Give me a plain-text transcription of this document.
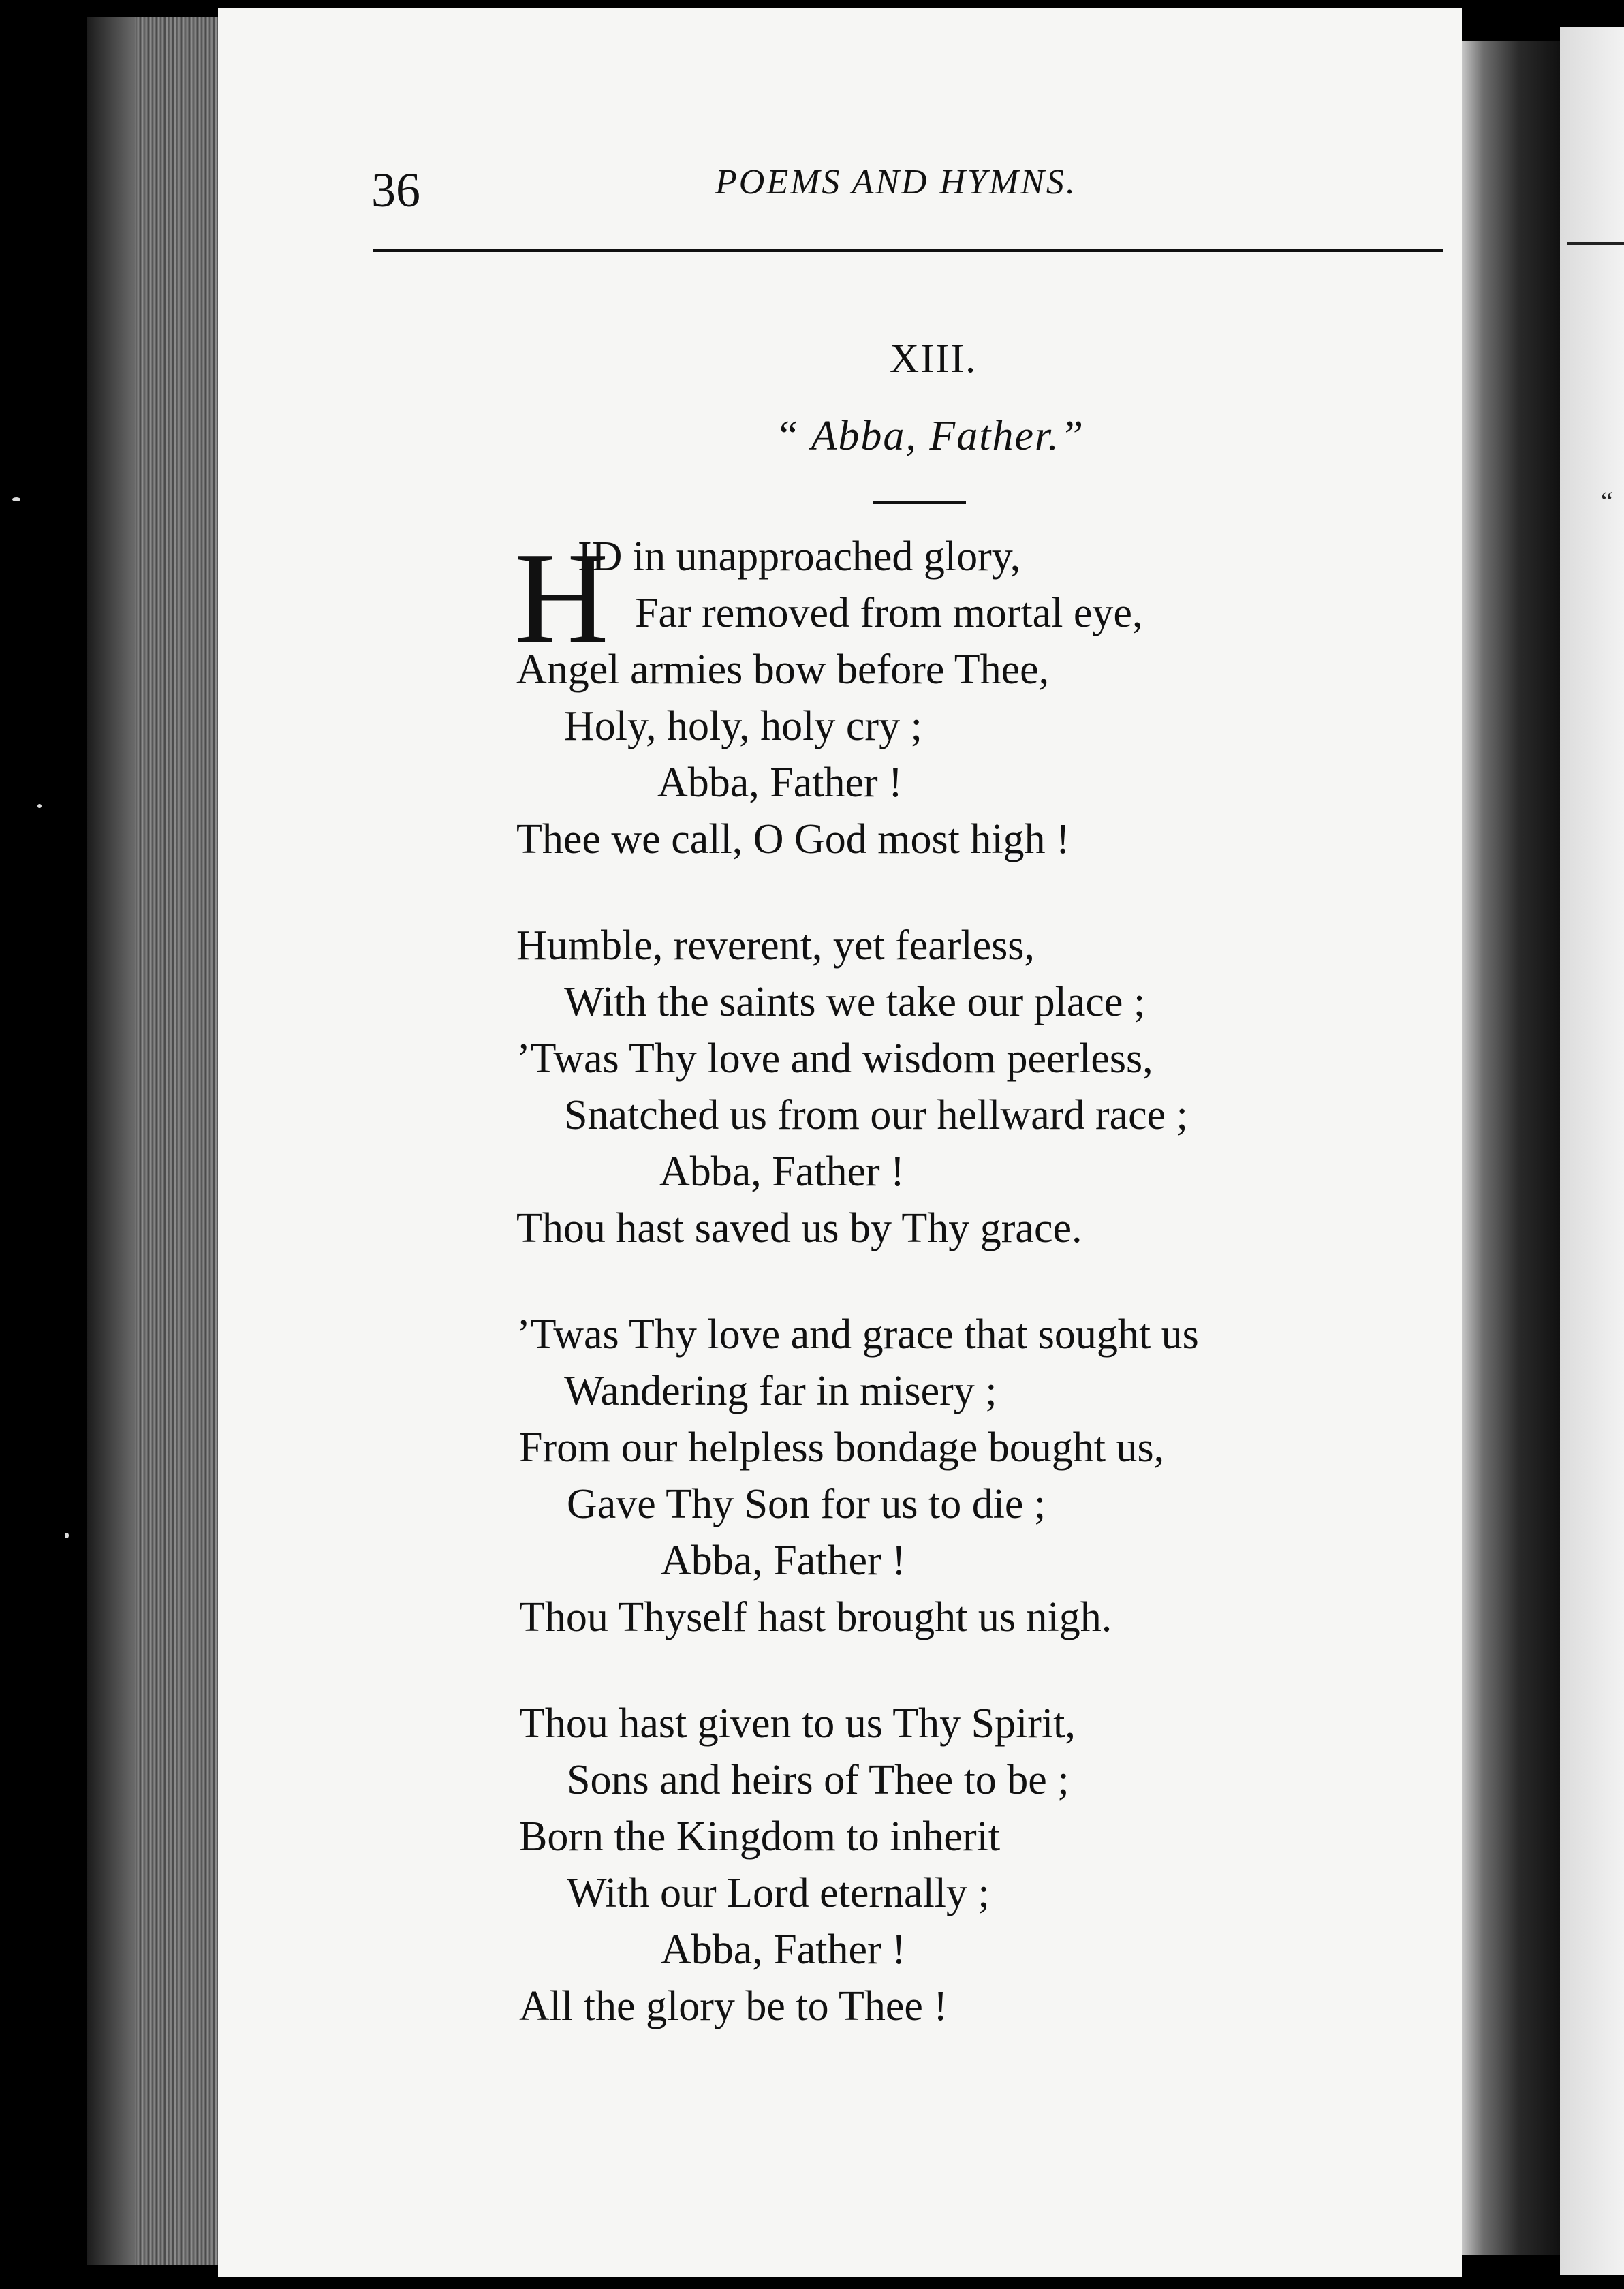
“
36	POEMS AND HYMNS.
XIII.
“ Abba, Father.”
H
ID in unapproached glory,
Far removed from mortal eye,
Angel armies bow before Thee,
Holy, holy, holy cry ;
Abba, Father !
Thee we call, O God most high !
Humble, reverent, yet fearless,
With the saints we take our place ;
’Twas Thy love and wisdom peerless,
Snatched us from our hellward race ;
Abba, Father !
Thou hast saved us by Thy grace.
’Twas Thy love and grace that sought us
Wandering far in misery ;
From our helpless bondage bought us,
Gave Thy Son for us to die ;
Abba, Father !
Thou Thyself hast brought us nigh.
Thou hast given to us Thy Spirit,
Sons and heirs of Thee to be ;
Born the Kingdom to inherit
With our Lord eternally ;
Abba, Father !
All the glory be to Thee !
